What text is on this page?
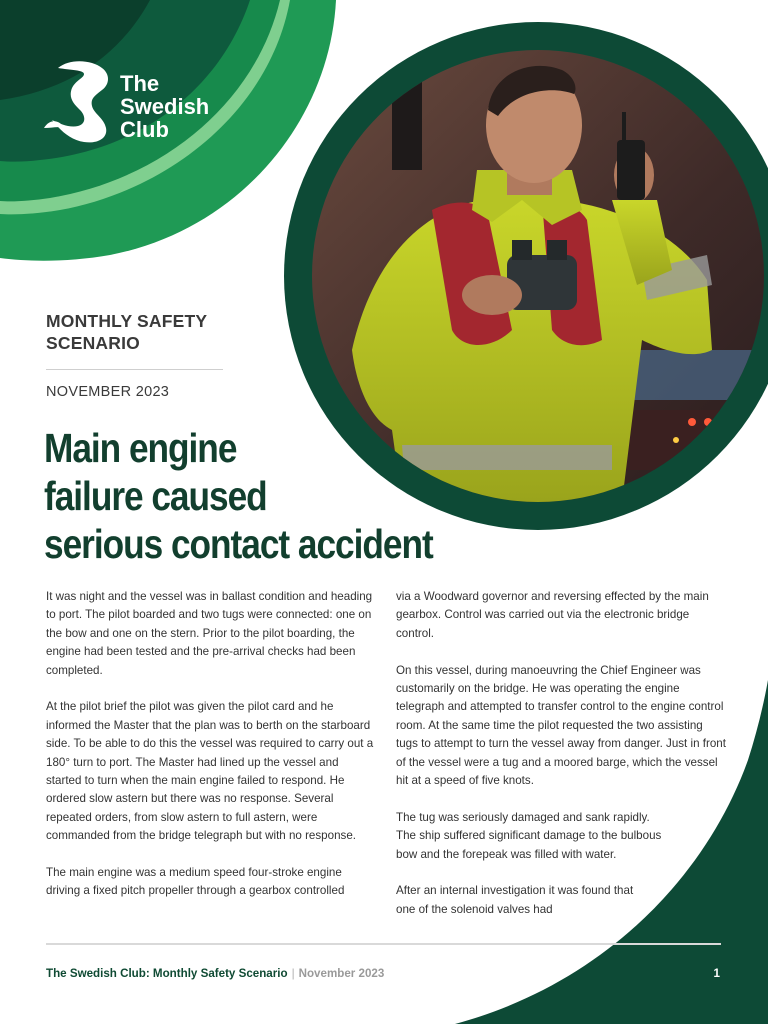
The
Swedish
Club
MONTHLY SAFETY SCENARIO
NOVEMBER 2023
Main engine
failure caused
serious contact accident

It was night and the vessel was in ballast condition and heading to port. The pilot boarded and two tugs were connected: one on the bow and one on the stern. Prior to the pilot boarding, the engine had been tested and the pre-arrival checks had been completed.

At the pilot brief the pilot was given the pilot card and he informed the Master that the plan was to berth on the starboard side. To be able to do this the vessel was required to carry out a 180° turn to port. The Master had lined up the vessel and started to turn when the main engine failed to respond. He ordered slow astern but there was no response. Several repeated orders, from slow astern to full astern, were commanded from the bridge telegraph but with no response.

The main engine was a medium speed four-stroke engine driving a fixed pitch propeller through a gearbox controlled

via a Woodward governor and reversing effected by the main gearbox. Control was carried out via the electronic bridge control.

On this vessel, during manoeuvring the Chief Engineer was customarily on the bridge. He was operating the engine telegraph and attempted to transfer control to the engine control room. At the same time the pilot requested the two assisting tugs to attempt to turn the vessel away from danger. Just in front of the vessel were a tug and a moored barge, which the vessel hit at a speed of five knots.

The tug was seriously damaged and sank rapidly. The ship suffered significant damage to the bulbous bow and the forepeak was filled with water.

After an internal investigation it was found that one of the solenoid valves had

The Swedish Club: Monthly Safety Scenario | November 2023	1
